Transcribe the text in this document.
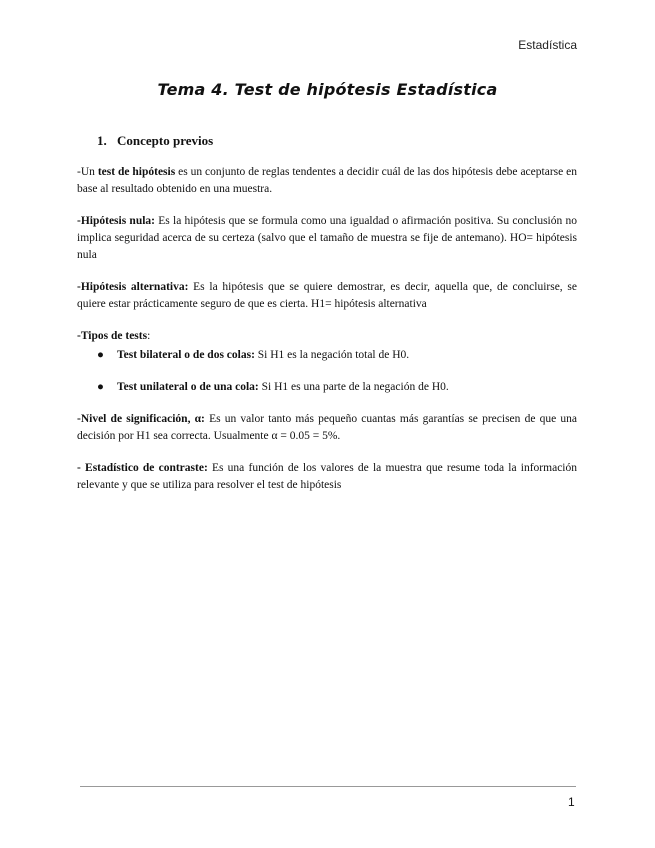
Estadística
Tema 4. Test de hipótesis Estadística
1. Concepto previos

-Un test de hipótesis es un conjunto de reglas tendentes a decidir cuál de las dos hipótesis debe aceptarse en base al resultado obtenido en una muestra.

-Hipótesis nula: Es la hipótesis que se formula como una igualdad o afirmación positiva. Su conclusión no implica seguridad acerca de su certeza (salvo que el tamaño de muestra se fije de antemano). HO= hipótesis nula

-Hipótesis alternativa: Es la hipótesis que se quiere demostrar, es decir, aquella que, de concluirse, se quiere estar prácticamente seguro de que es cierta. H1= hipótesis alternativa

-Tipos de tests:

● Test bilateral o de dos colas: Si H1 es la negación total de H0.
● Test unilateral o de una cola: Si H1 es una parte de la negación de H0.

-Nivel de significación, α: Es un valor tanto más pequeño cuantas más garantías se precisen de que una decisión por H1 sea correcta. Usualmente α = 0.05 = 5%.

- Estadístico de contraste: Es una función de los valores de la muestra que resume toda la información relevante y que se utiliza para resolver el test de hipótesis

1
